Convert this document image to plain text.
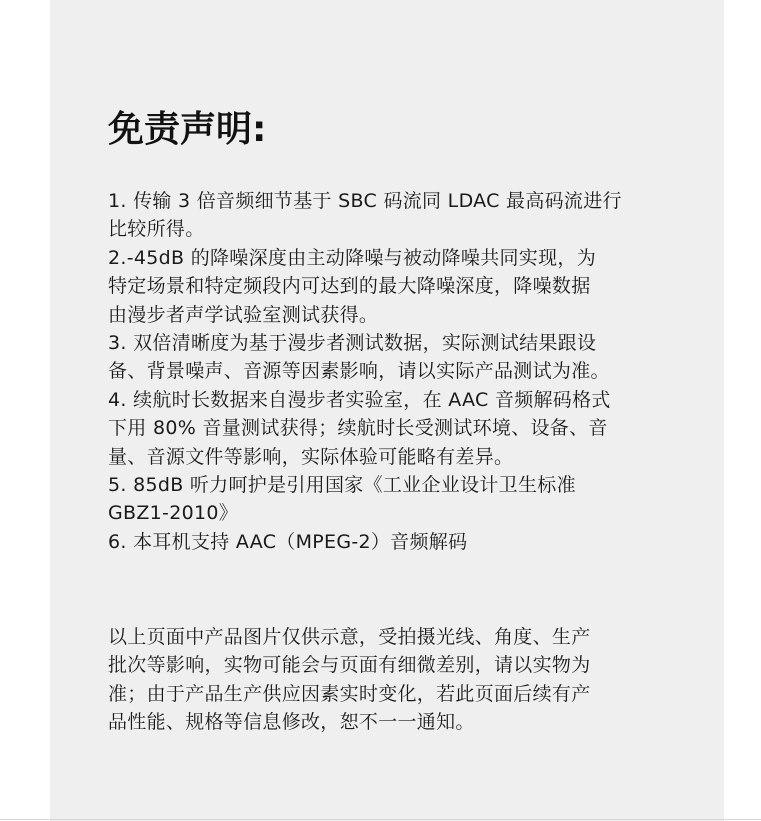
免责声明:
1. 传输 3 倍音频细节基于 SBC 码流同 LDAC 最高码流进行
比较所得。
2.-45dB 的降噪深度由主动降噪与被动降噪共同实现，为
特定场景和特定频段内可达到的最大降噪深度，降噪数据
由漫步者声学试验室测试获得。
3. 双倍清晰度为基于漫步者测试数据，实际测试结果跟设
备、背景噪声、音源等因素影响，请以实际产品测试为准。
4. 续航时长数据来自漫步者实验室，在 AAC 音频解码格式
下用 80% 音量测试获得；续航时长受测试环境、设备、音
量、音源文件等影响，实际体验可能略有差异。
5. 85dB 听力呵护是引用国家《工业企业设计卫生标准
GBZ1-2010》
6. 本耳机支持 AAC（MPEG-2）音频解码
以上页面中产品图片仅供示意，受拍摄光线、角度、生产
批次等影响，实物可能会与页面有细微差别，请以实物为
准；由于产品生产供应因素实时变化，若此页面后续有产
品性能、规格等信息修改，恕不一一通知。
